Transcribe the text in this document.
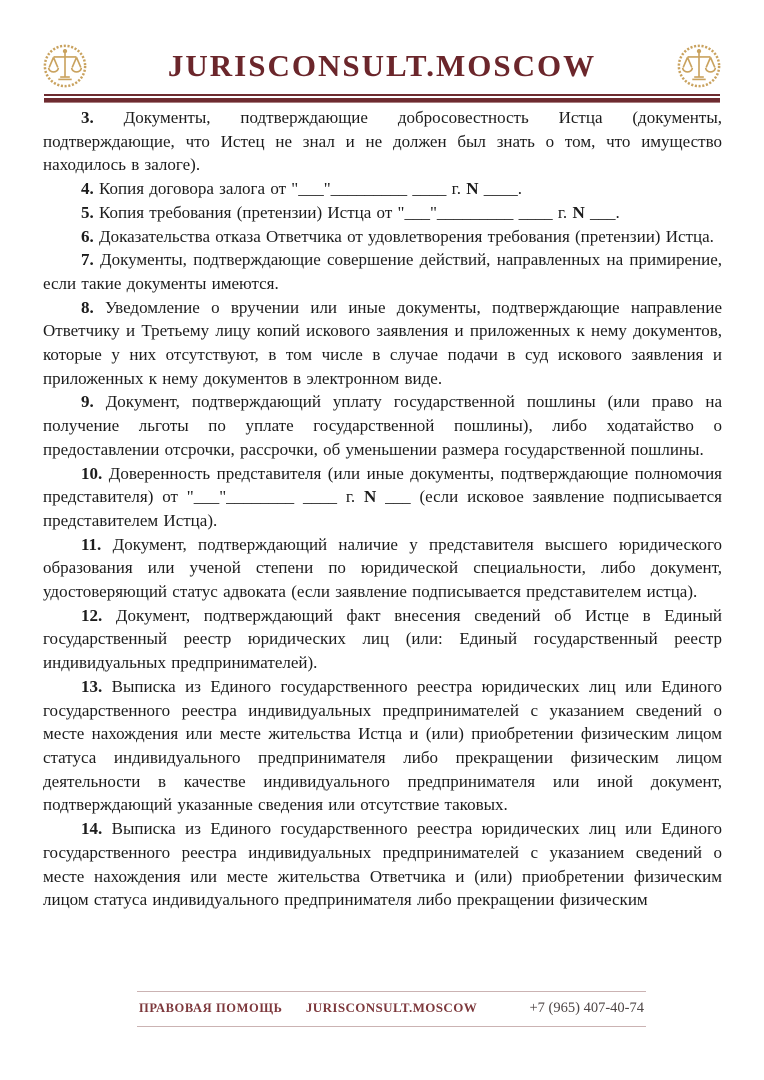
JURISCONSULT.MOSCOW

3. Документы, подтверждающие добросовестность Истца (документы, подтверждающие, что Истец не знал и не должен был знать о том, что имущество находилось в залоге).

4. Копия договора залога от "___"_________ ____ г. N ____.

5. Копия требования (претензии) Истца от "___"_________ ____ г. N ___.

6. Доказательства отказа Ответчика от удовлетворения требования (претензии) Истца.

7. Документы, подтверждающие совершение действий, направленных на примирение, если такие документы имеются.

8. Уведомление о вручении или иные документы, подтверждающие направление Ответчику и Третьему лицу копий искового заявления и приложенных к нему документов, которые у них отсутствуют, в том числе в случае подачи в суд искового заявления и приложенных к нему документов в электронном виде.

9. Документ, подтверждающий уплату государственной пошлины (или право на получение льготы по уплате государственной пошлины), либо ходатайство о предоставлении отсрочки, рассрочки, об уменьшении размера государственной пошлины.

10. Доверенность представителя (или иные документы, подтверждающие полномочия представителя) от "___"________ ____ г. N ___ (если исковое заявление подписывается представителем Истца).

11. Документ, подтверждающий наличие у представителя высшего юридического образования или ученой степени по юридической специальности, либо документ, удостоверяющий статус адвоката (если заявление подписывается представителем истца).

12. Документ, подтверждающий факт внесения сведений об Истце в Единый государственный реестр юридических лиц (или: Единый государственный реестр индивидуальных предпринимателей).

13. Выписка из Единого государственного реестра юридических лиц или Единого государственного реестра индивидуальных предпринимателей с указанием сведений о месте нахождения или месте жительства Истца и (или) приобретении физическим лицом статуса индивидуального предпринимателя либо прекращении физическим лицом деятельности в качестве индивидуального предпринимателя или иной документ, подтверждающий указанные сведения или отсутствие таковых.

14. Выписка из Единого государственного реестра юридических лиц или Единого государственного реестра индивидуальных предпринимателей с указанием сведений о месте нахождения или месте жительства Ответчика и (или) приобретении физическим лицом статуса индивидуального предпринимателя либо прекращении физическим

ПРАВОВАЯ ПОМОЩЬ JURISCONSULT.MOSCOW	+7 (965) 407-40-74
